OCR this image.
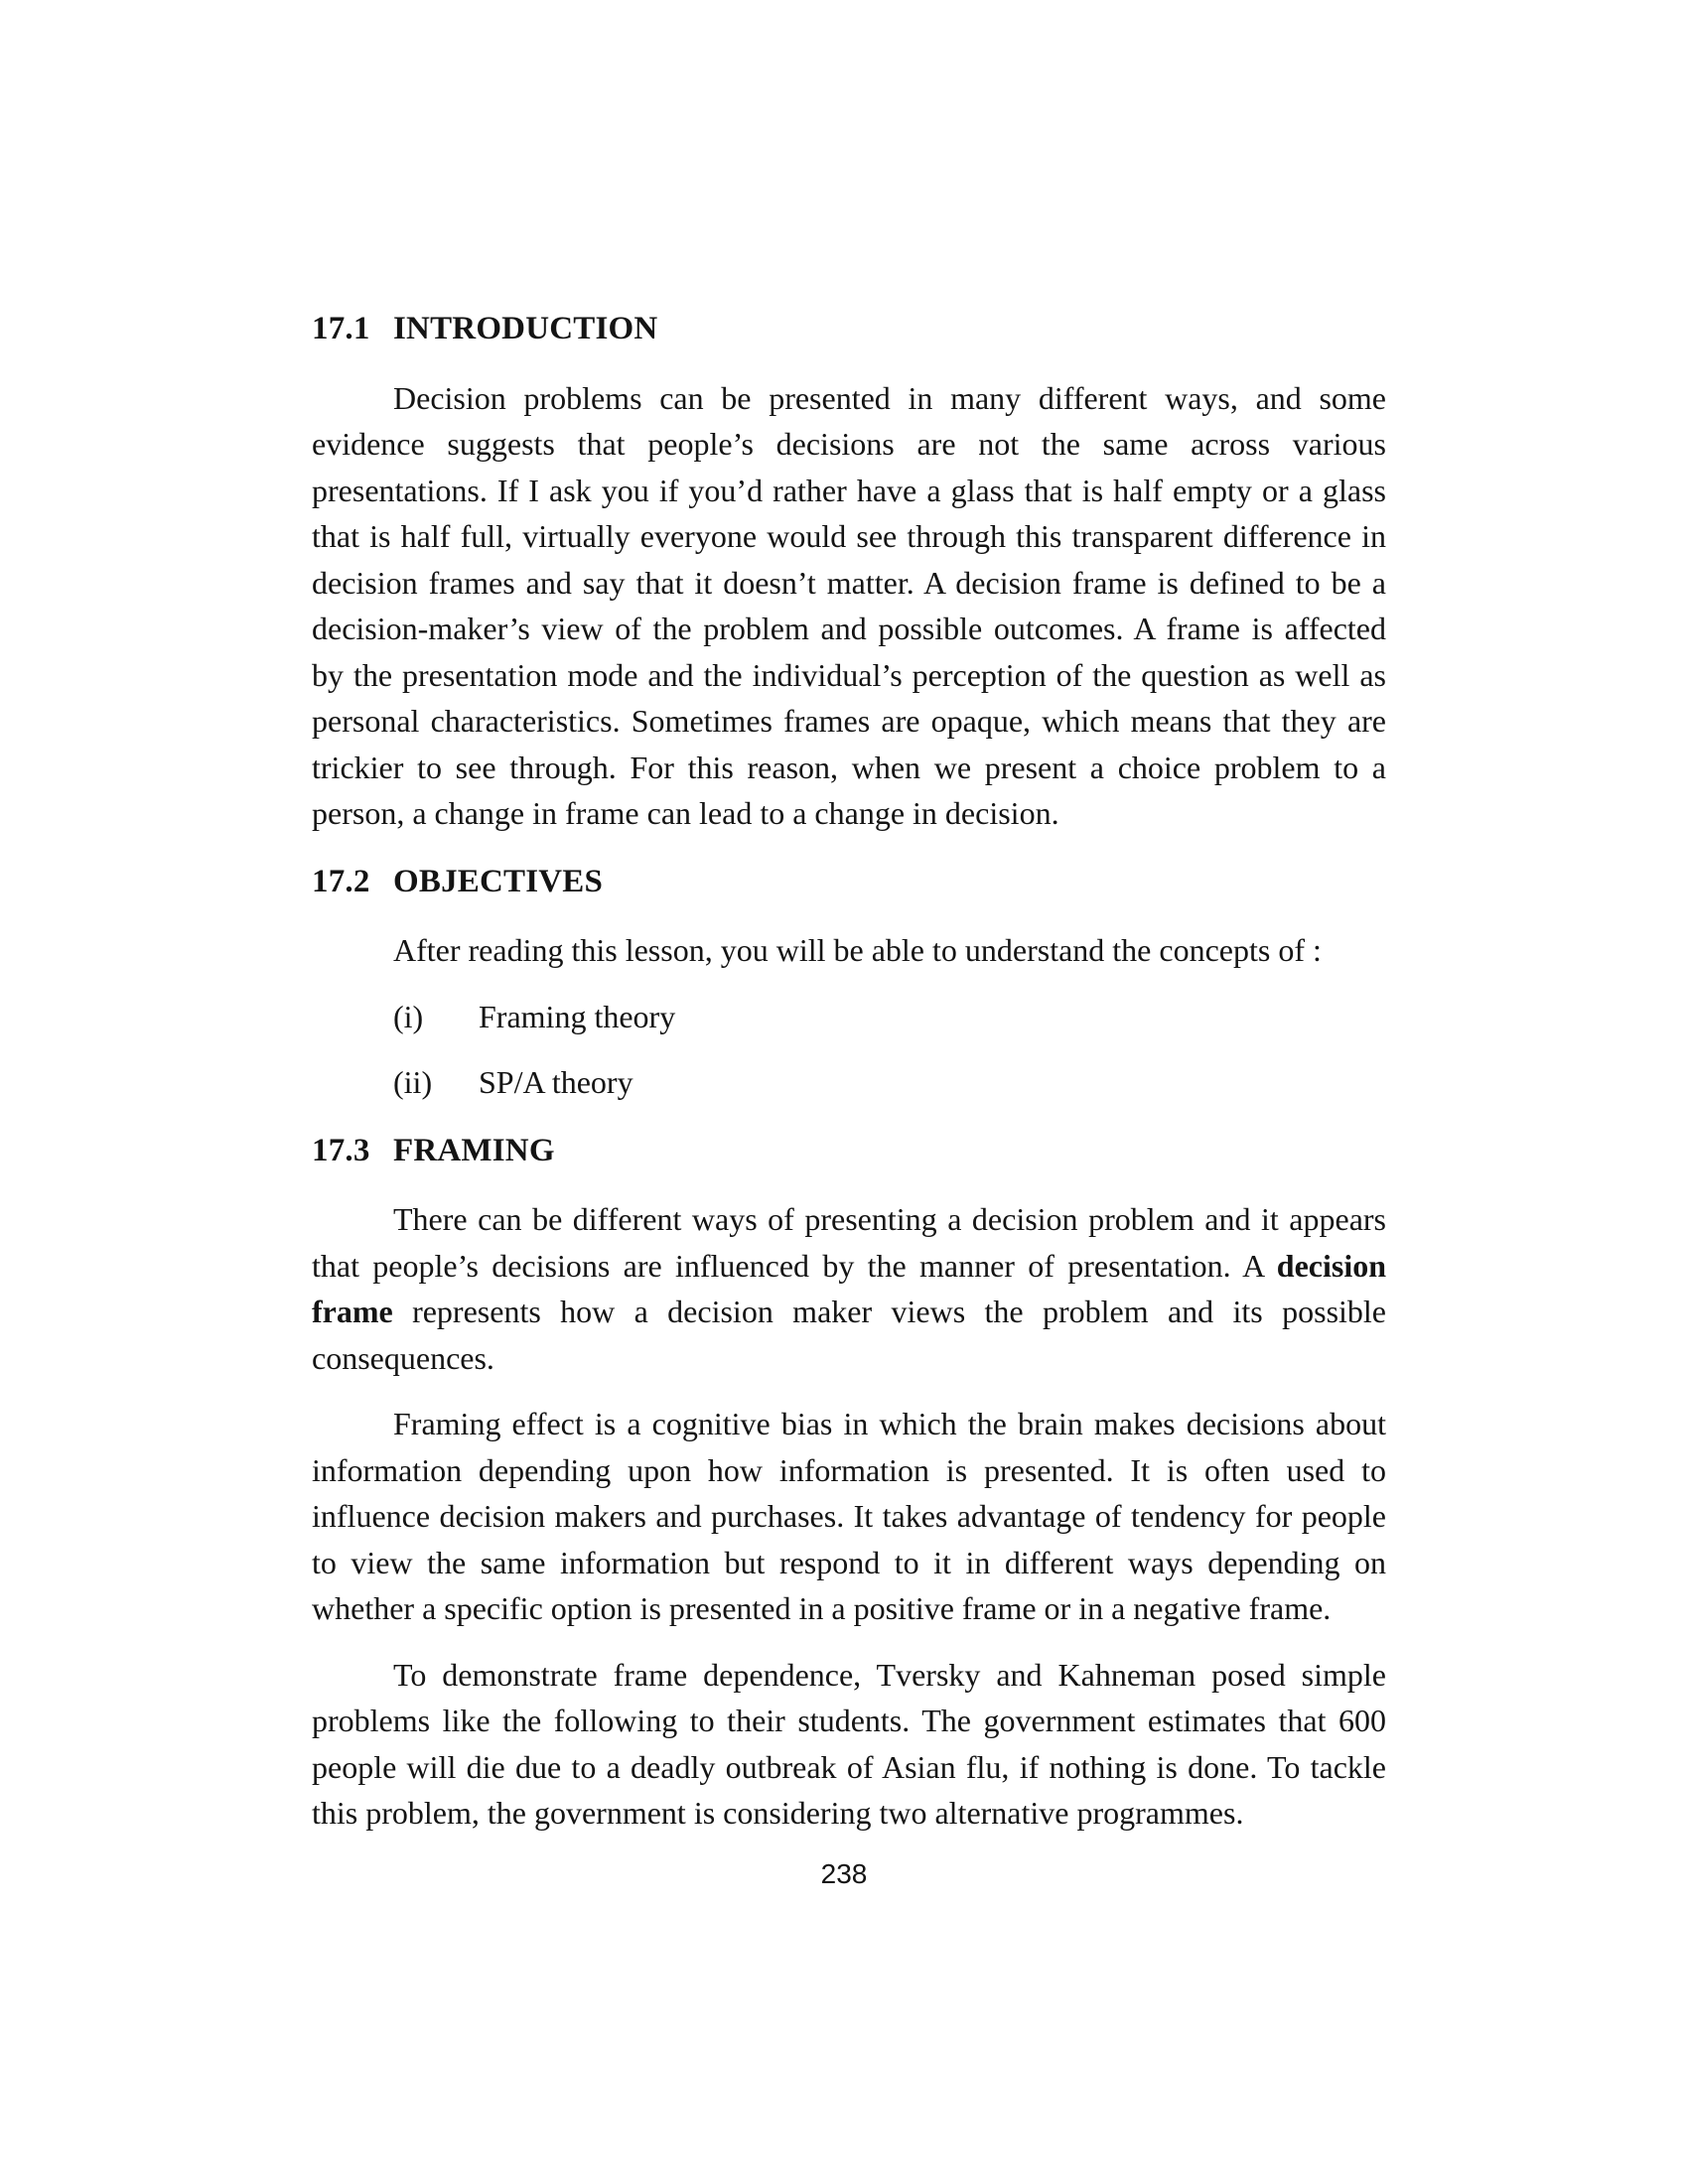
17.1 INTRODUCTION

Decision problems can be presented in many different ways, and some evidence suggests that people’s decisions are not the same across various presentations. If I ask you if you’d rather have a glass that is half empty or a glass that is half full, virtually everyone would see through this transparent difference in decision frames and say that it doesn’t matter. A decision frame is defined to be a decision-maker’s view of the problem and possible outcomes. A frame is affected by the presentation mode and the individual’s perception of the question as well as personal characteristics. Sometimes frames are opaque, which means that they are trickier to see through. For this reason, when we present a choice problem to a person, a change in frame can lead to a change in decision.

17.2 OBJECTIVES

After reading this lesson, you will be able to understand the concepts of :

(i) Framing theory
(ii) SP/A theory
17.3 FRAMING

There can be different ways of presenting a decision problem and it appears that people’s decisions are influenced by the manner of presentation. A decision frame represents how a decision maker views the problem and its possible consequences.

Framing effect is a cognitive bias in which the brain makes decisions about information depending upon how information is presented. It is often used to influence decision makers and purchases. It takes advantage of tendency for people to view the same information but respond to it in different ways depending on whether a specific option is presented in a positive frame or in a negative frame.

To demonstrate frame dependence, Tversky and Kahneman posed simple problems like the following to their students. The government estimates that 600 people will die due to a deadly outbreak of Asian flu, if nothing is done. To tackle this problem, the government is considering two alternative programmes.

238
